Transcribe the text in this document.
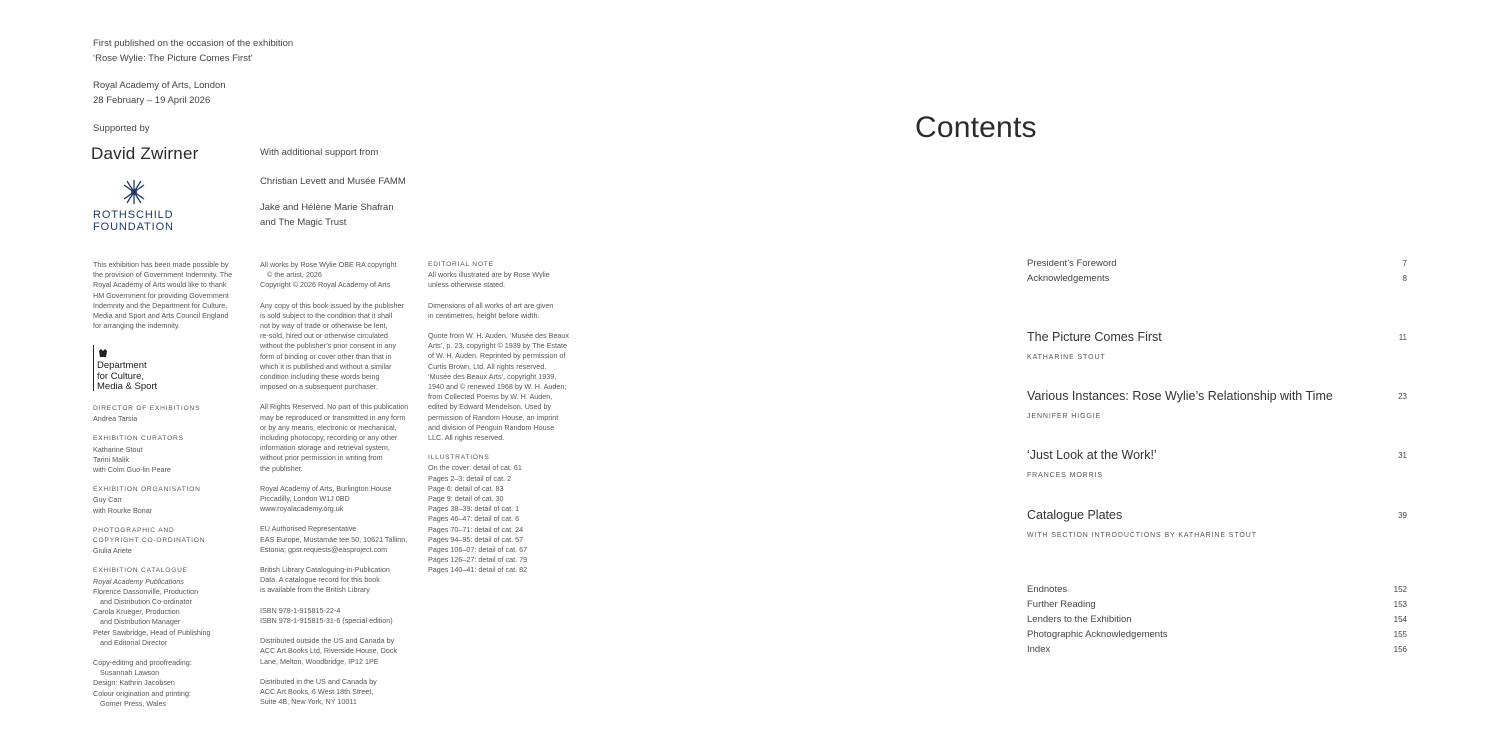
First published on the occasion of the exhibition
‘Rose Wylie: The Picture Comes First’
Royal Academy of Arts, London
28 February – 19 April 2026
Supported by
David Zwirner
ROTHSCHILD
FOUNDATION
With additional support from
Christian Levett and Musée FAMM
Jake and Hélène Marie Shafran
and The Magic Trust
This exhibition has been made possible by
the provision of Government Indemnity. The
Royal Academy of Arts would like to thank
HM Government for providing Government
Indemnity and the Department for Culture,
Media and Sport and Arts Council England
for arranging the indemnity.
Department
for Culture,
Media & Sport
DIRECTOR OF EXHIBITIONS
Andrea Tarsia
EXHIBITION CURATORS
Katharine Stout
Tarini Malik
with Colm Guo-lin Peare
EXHIBITION ORGANISATION
Guy Carr
with Rourke Bonar
PHOTOGRAPHIC AND
COPYRIGHT CO-ORDINATION
Giulia Ariete
EXHIBITION CATALOGUE
Royal Academy Publications
Florence Dassonville, Production
and Distribution Co-ordinator
Carola Krueger, Production
and Distribution Manager
Peter Sawbridge, Head of Publishing
and Editorial Director
Copy-editing and proofreading:
Susannah Lawson
Design: Kathrin Jacobsen
Colour origination and printing:
Gomer Press, Wales
All works by Rose Wylie OBE RA copyright
© the artist, 2026
Copyright © 2026 Royal Academy of Arts
Any copy of this book issued by the publisher
is sold subject to the condition that it shall
not by way of trade or otherwise be lent,
re-sold, hired out or otherwise circulated
without the publisher’s prior consent in any
form of binding or cover other than that in
which it is published and without a similar
condition including these words being
imposed on a subsequent purchaser.
All Rights Reserved. No part of this publication
may be reproduced or transmitted in any form
or by any means, electronic or mechanical,
including photocopy, recording or any other
information storage and retrieval system,
without prior permission in writing from
the publisher.
Royal Academy of Arts, Burlington House
Piccadilly, London W1J 0BD
www.royalacademy.org.uk
EU Authorised Representative
EAS Europe, Mustamäe tee 50, 10621 Tallinn,
Estonia; gpsr.requests@easproject.com
British Library Cataloguing-in-Publication
Data. A catalogue record for this book
is available from the British Library
ISBN 978-1-915815-22-4
ISBN 978-1-915815-31-6 (special edition)
Distributed outside the US and Canada by
ACC Art Books Ltd, Riverside House, Dock
Lane, Melton, Woodbridge, IP12 1PE
Distributed in the US and Canada by
ACC Art Books, 6 West 18th Street,
Suite 4B, New York, NY 10011
EDITORIAL NOTE
All works illustrated are by Rose Wylie
unless otherwise stated.
Dimensions of all works of art are given
in centimetres, height before width.
Quote from W. H. Auden, ‘Musée des Beaux
Arts’, p. 23, copyright © 1939 by The Estate
of W. H. Auden. Reprinted by permission of
Curtis Brown, Ltd. All rights reserved.
‘Musée des Beaux Arts’, copyright 1939,
1940 and © renewed 1968 by W. H. Auden;
from Collected Poems by W. H. Auden,
edited by Edward Mendelson. Used by
permission of Random House, an imprint
and division of Penguin Random House
LLC. All rights reserved.
ILLUSTRATIONS
On the cover: detail of cat. 61
Pages 2–3: detail of cat. 2
Page 6: detail of cat. 83
Page 9: detail of cat. 30
Pages 38–39: detail of cat. 1
Pages 46–47: detail of cat. 6
Pages 70–71: detail of cat. 24
Pages 94–95: detail of cat. 57
Pages 106–07: detail of cat. 67
Pages 126–27: detail of cat. 79
Pages 140–41: detail of cat. 82
Contents
President’s Foreword	7
Acknowledgements	8
The Picture Comes First	11
KATHARINE STOUT
Various Instances: Rose Wylie’s Relationship with Time	23
JENNIFER HIGGIE
‘Just Look at the Work!’	31
FRANCES MORRIS
Catalogue Plates	39
WITH SECTION INTRODUCTIONS BY KATHARINE STOUT
Endnotes	152
Further Reading	153
Lenders to the Exhibition	154
Photographic Acknowledgements	155
Index	156
